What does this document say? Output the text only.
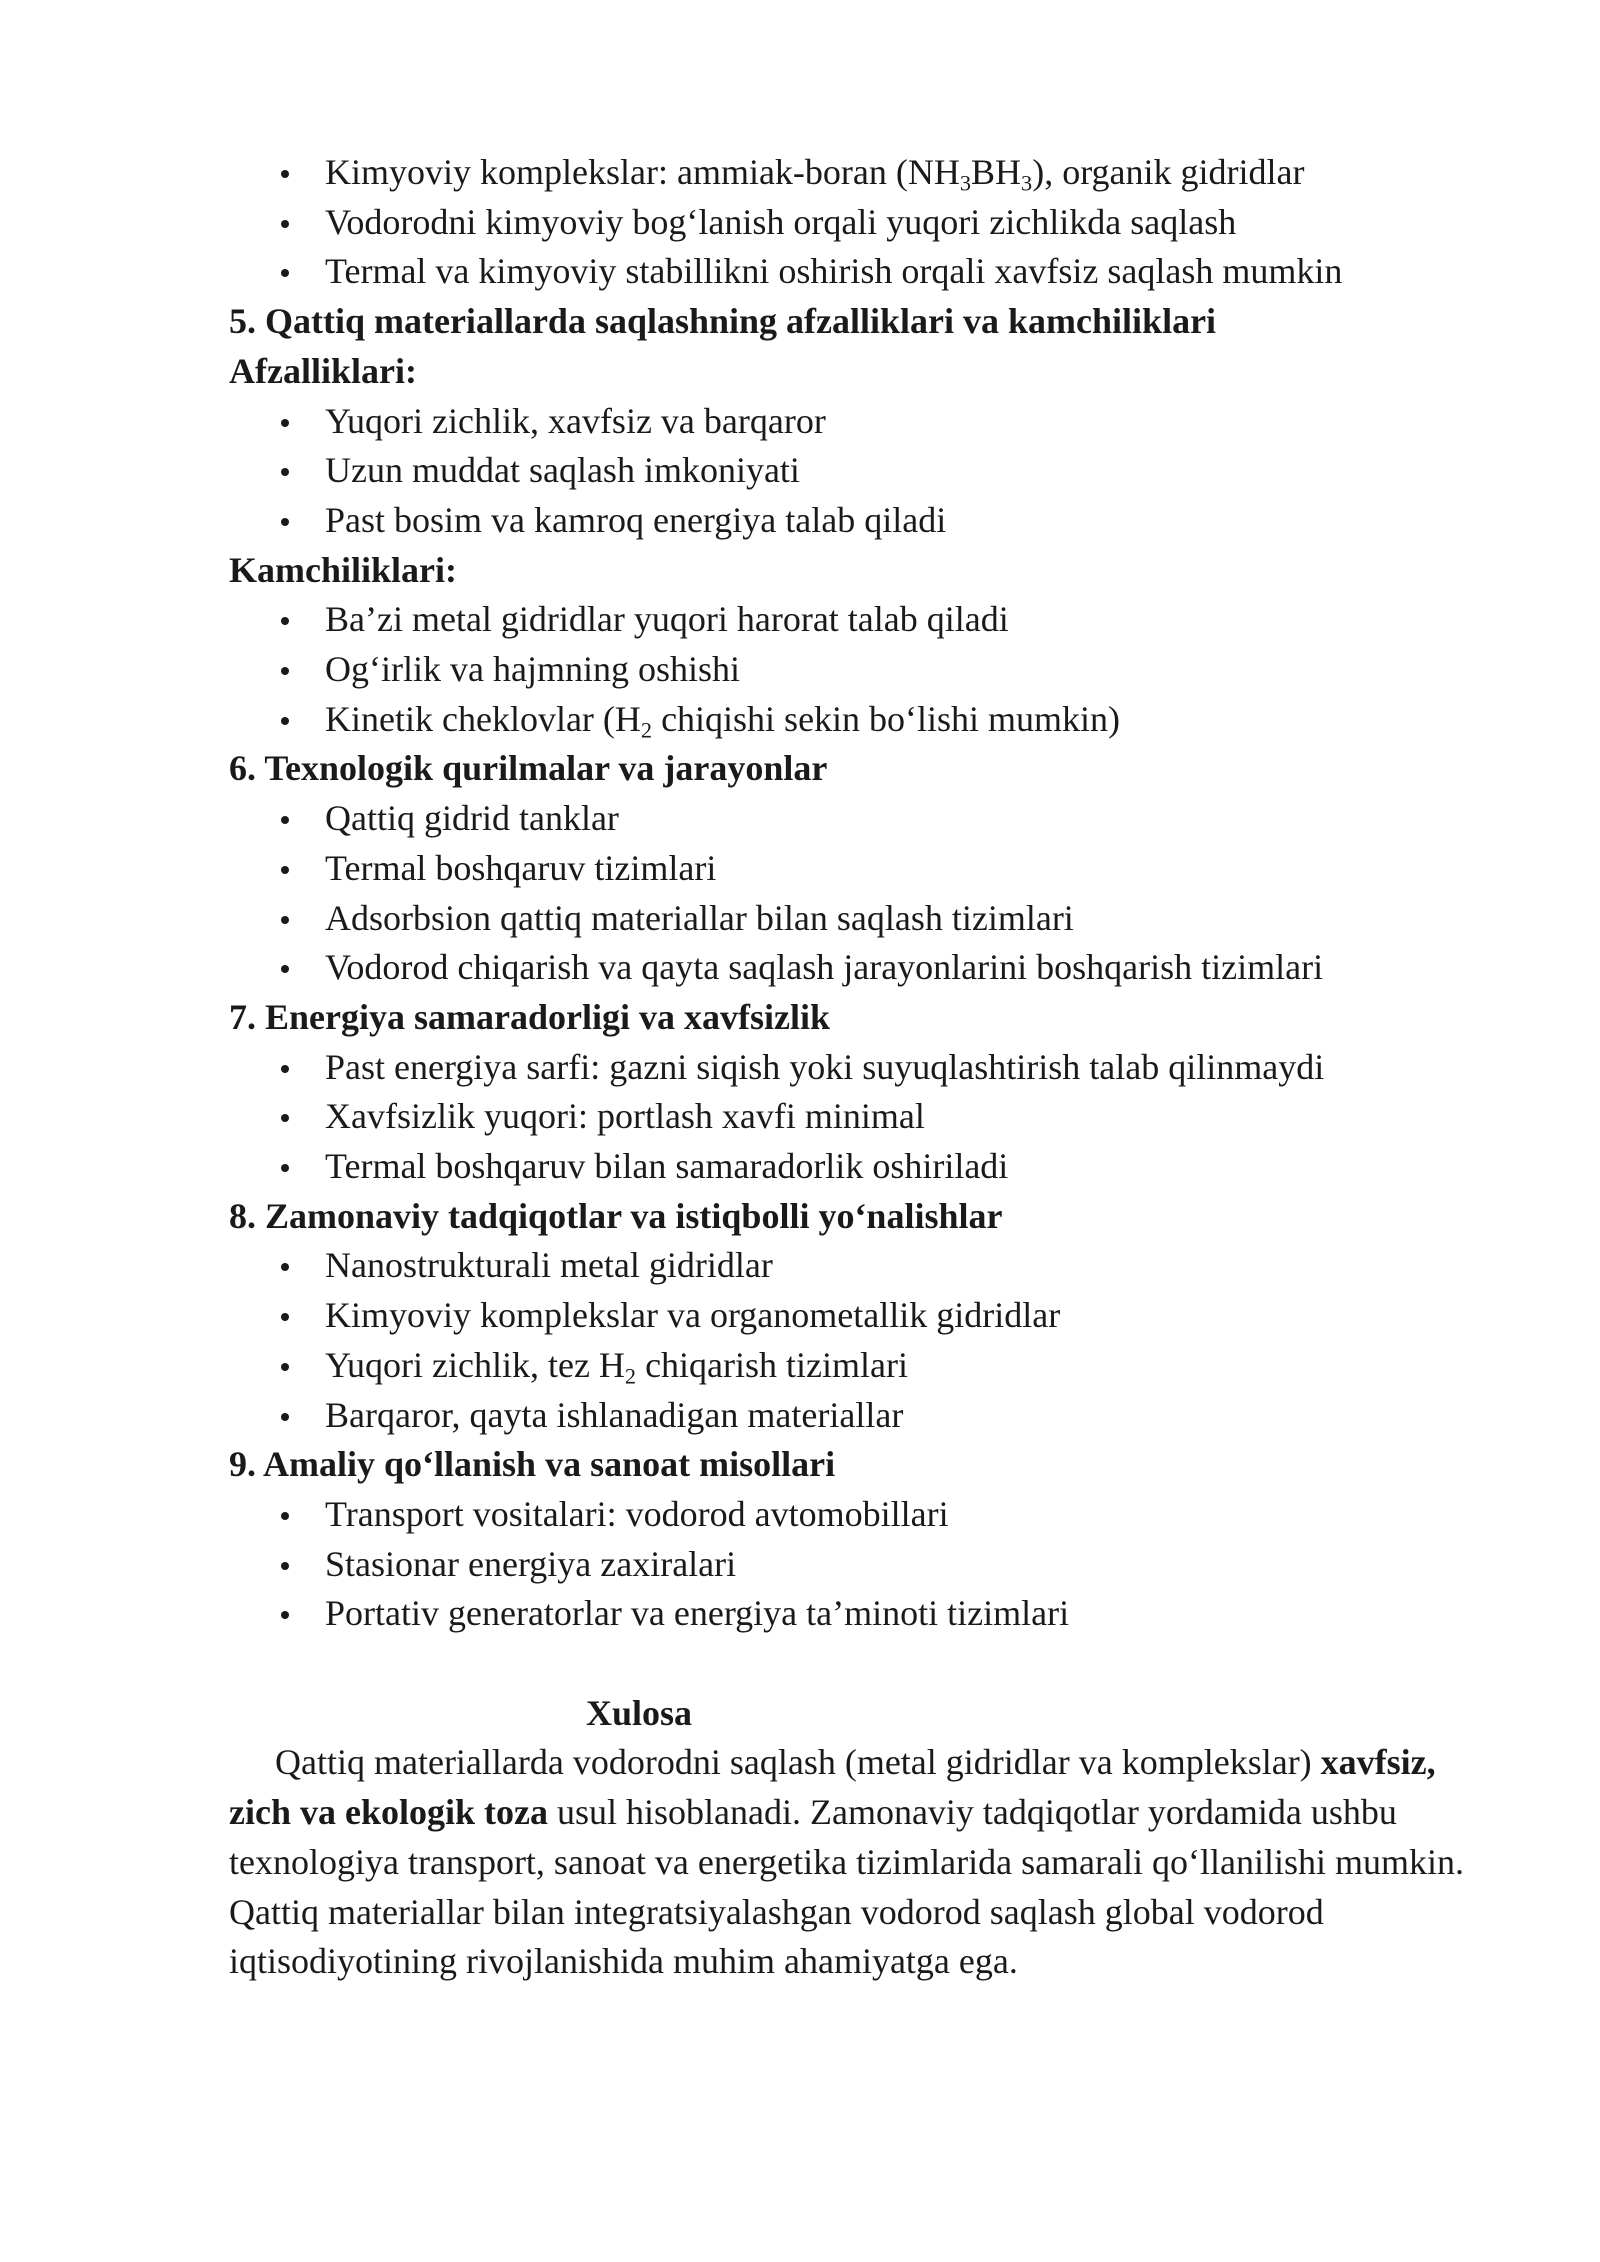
Kimyoviy komplekslar: ammiak-boran $(NH_3BH_3)$, organik gidridlar
Vodorodni kimyoviy bog‘lanish orqali yuqori zichlikda saqlash
Termal va kimyoviy stabillikni oshirish orqali xavfsiz saqlash mumkin
5. Qattiq materiallarda saqlashning afzalliklari va kamchiliklari
Afzalliklari:
Yuqori zichlik, xavfsiz va barqaror
Uzun muddat saqlash imkoniyati
Past bosim va kamroq energiya talab qiladi
Kamchiliklari:
Ba’zi metal gidridlar yuqori harorat talab qiladi
Og‘irlik va hajmning oshishi
Kinetik cheklovlar ($H_2$ chiqishi sekin bo‘lishi mumkin)
6. Texnologik qurilmalar va jarayonlar
Qattiq gidrid tanklar
Termal boshqaruv tizimlari
Adsorbsion qattiq materiallar bilan saqlash tizimlari
Vodorod chiqarish va qayta saqlash jarayonlarini boshqarish tizimlari
7. Energiya samaradorligi va xavfsizlik
Past energiya sarfi: gazni siqish yoki suyuqlashtirish talab qilinmaydi
Xavfsizlik yuqori: portlash xavfi minimal
Termal boshqaruv bilan samaradorlik oshiriladi
8. Zamonaviy tadqiqotlar va istiqbolli yo‘nalishlar
Nanostrukturali metal gidridlar
Kimyoviy komplekslar va organometallik gidridlar
Yuqori zichlik, tez $H_2$ chiqarish tizimlari
Barqaror, qayta ishlanadigan materiallar
9. Amaliy qo‘llanish va sanoat misollari
Transport vositalari: vodorod avtomobillari
Stasionar energiya zaxiralari
Portativ generatorlar va energiya ta’minoti tizimlari
Xulosa

Qattiq materiallarda vodorodni saqlash (metal gidridlar va komplekslar) xavfsiz, zich va ekologik toza usul hisoblanadi. Zamonaviy tadqiqotlar yordamida ushbu texnologiya transport, sanoat va energetika tizimlarida samarali qo‘llanilishi mumkin. Qattiq materiallar bilan integratsiyalashgan vodorod saqlash global vodorod iqtisodiyotining rivojlanishida muhim ahamiyatga ega.
